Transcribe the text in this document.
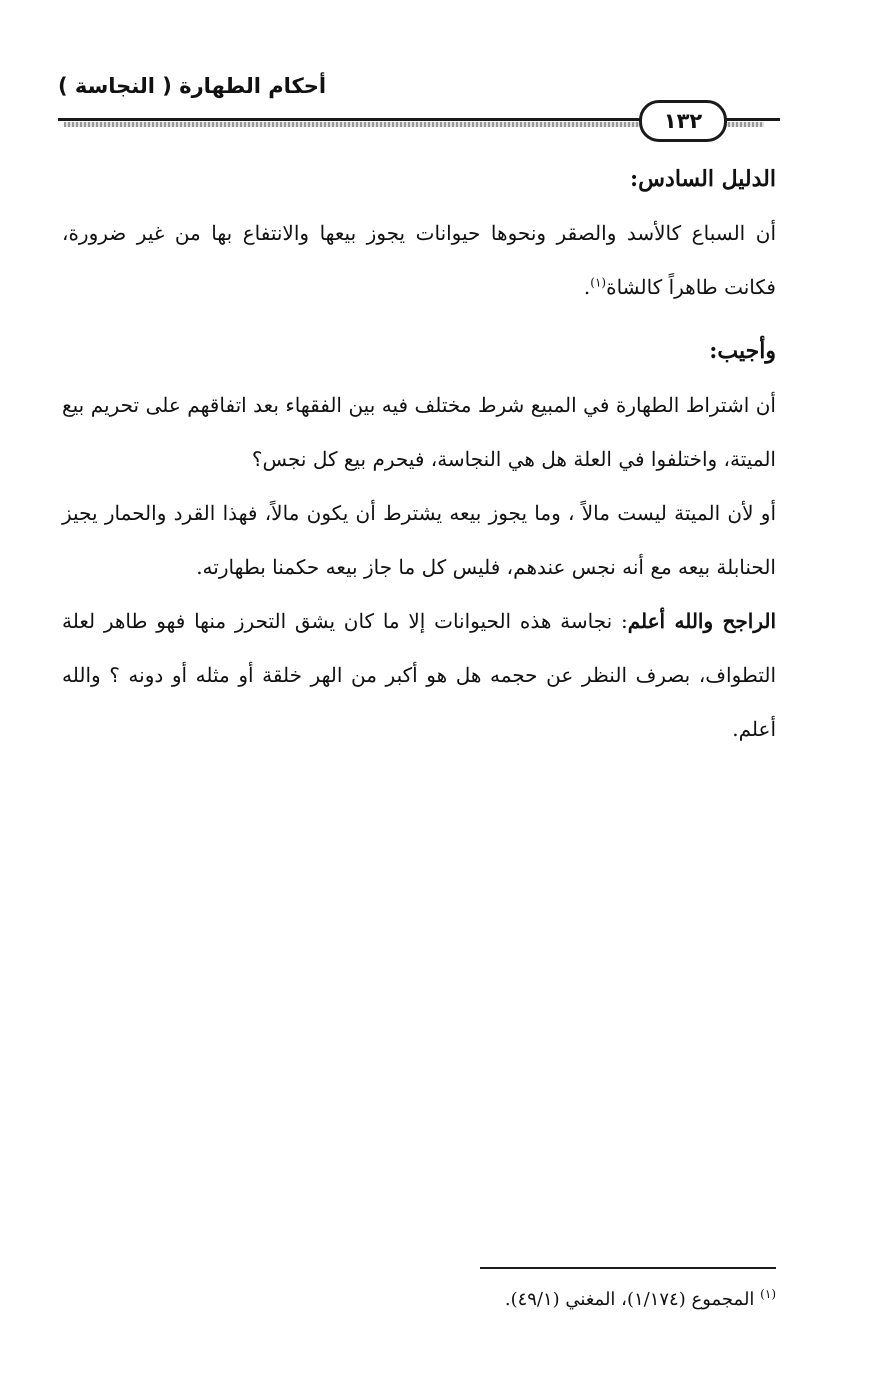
أحكام الطهارة ( النجاسة )
١٣٢

الدليل السادس:

أن السباع كالأسد والصقر ونحوها حيوانات يجوز بيعها والانتفاع بها من غير ضرورة، فكانت طاهراً كالشاة$^{(١)}$.

وأجيب:

أن اشتراط الطهارة في المبيع شرط مختلف فيه بين الفقهاء بعد اتفاقهم على تحريم بيع الميتة، واختلفوا في العلة هل هي النجاسة، فيحرم بيع كل نجس؟

أو لأن الميتة ليست مالاً ، وما يجوز بيعه يشترط أن يكون مالاً، فهذا القرد والحمار يجيز الحنابلة بيعه مع أنه نجس عندهم، فليس كل ما جاز بيعه حكمنا بطهارته.

الراجح والله أعلم: نجاسة هذه الحيوانات إلا ما كان يشق التحرز منها فهو طاهر لعلة التطواف، بصرف النظر عن حجمه هل هو أكبر من الهر خلقة أو مثله أو دونه ؟ والله أعلم.

$^{(١)}$ المجموع (١/١٧٤)، المغني (٤٩/١).
